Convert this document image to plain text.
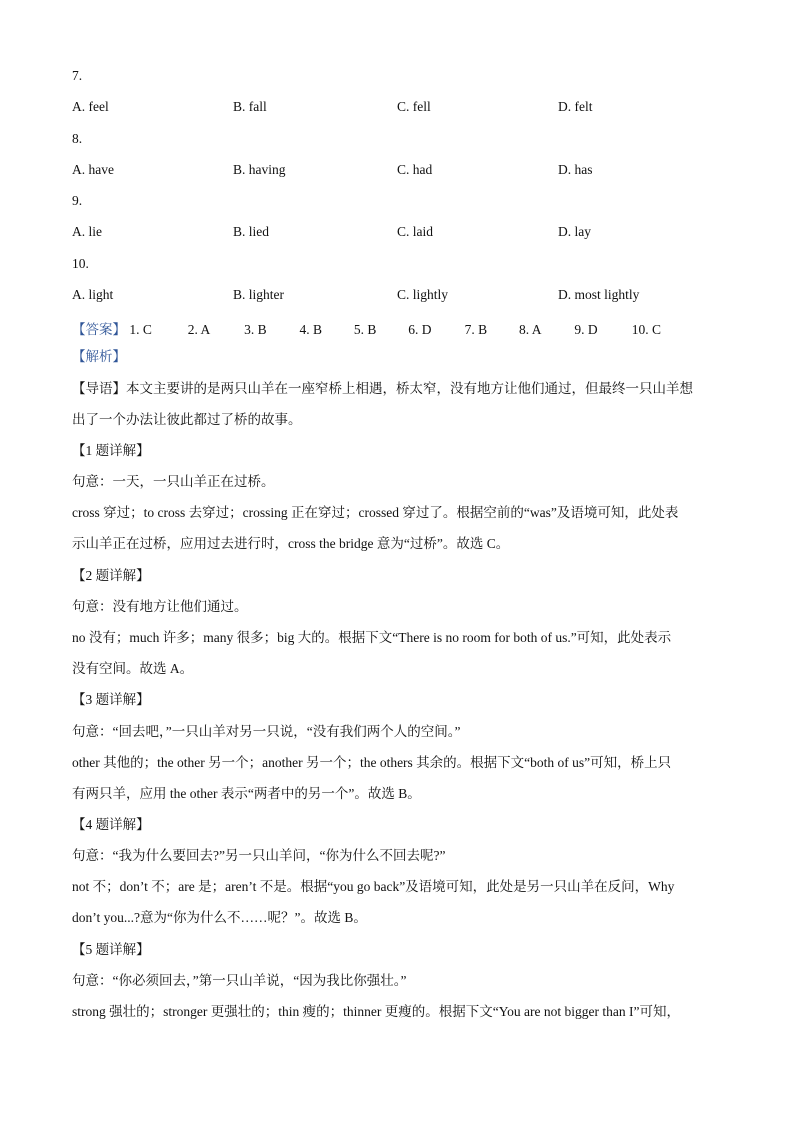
7.
A. feel	B. fall	C. fell	D. felt
8.
A. have	B. having	C. had	D. has
9.
A. lie	B. lied	C. laid	D. lay
10.
A. light	B. lighter	C. lightly	D. most lightly
【答案】 1. C	2. A	3. B 4. B 5. B 6. D 7. B 8. A 9. D	10. C
【解析】
【导语】本文主要讲的是两只山羊在一座窄桥上相遇，桥太窄，没有地方让他们通过，但最终一只山羊想
出了一个办法让彼此都过了桥的故事。
【1 题详解】
句意：一天，一只山羊正在过桥。
cross 穿过；to cross 去穿过；crossing 正在穿过；crossed 穿过了。根据空前的“was”及语境可知，此处表
示山羊正在过桥，应用过去进行时，cross the bridge 意为“过桥”。故选 C。
【2 题详解】
句意：没有地方让他们通过。
no 没有；much 许多；many 很多；big 大的。根据下文“There is no room for both of us.”可知，此处表示
没有空间。故选 A。
【3 题详解】
句意：“回去吧，”一只山羊对另一只说，“没有我们两个人的空间。”
other 其他的；the other 另一个；another 另一个；the others 其余的。根据下文“both of us”可知，桥上只
有两只羊，应用 the other 表示“两者中的另一个”。故选 B。
【4 题详解】
句意：“我为什么要回去?”另一只山羊问，“你为什么不回去呢?”
not 不；don’t 不；are 是；aren’t 不是。根据“you go back”及语境可知，此处是另一只山羊在反问，Why
don’t you...?意为“你为什么不……呢？”。故选 B。
【5 题详解】
句意：“你必须回去，”第一只山羊说，“因为我比你强壮。”
strong 强壮的；stronger 更强壮的；thin 瘦的；thinner 更瘦的。根据下文“You are not bigger than I”可知，
